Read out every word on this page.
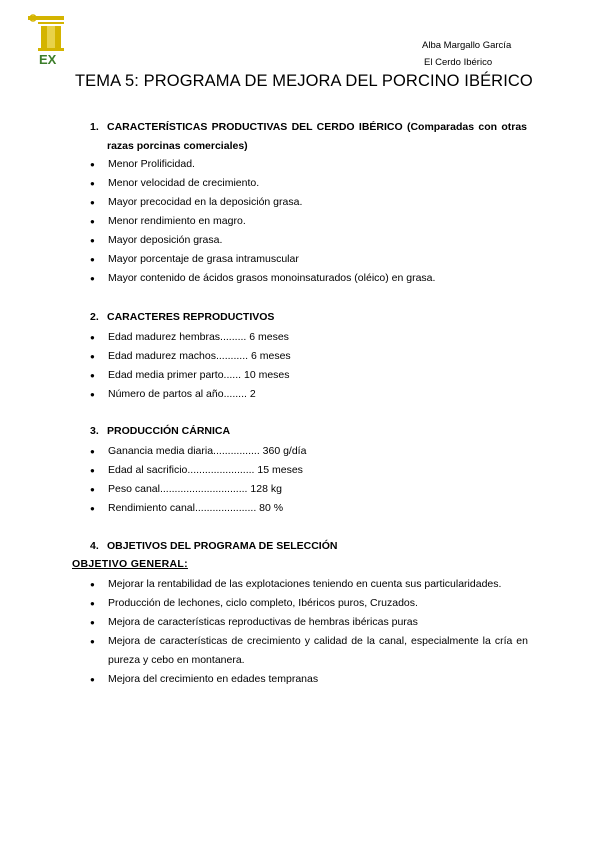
EX
Alba Margallo García
El Cerdo Ibérico
TEMA 5: PROGRAMA DE MEJORA DEL PORCINO IBÉRICO
1. CARACTERÍSTICAS PRODUCTIVAS DEL CERDO IBÉRICO (Comparadas con otras razas porcinas comerciales)
● Menor Prolificidad.
● Menor velocidad de crecimiento.
● Mayor precocidad en la deposición grasa.
● Menor rendimiento en magro.
● Mayor deposición grasa.
● Mayor porcentaje de grasa intramuscular
● Mayor contenido de ácidos grasos monoinsaturados (oléico) en grasa.
2. CARACTERES REPRODUCTIVOS
● Edad madurez hembras......... 6 meses
● Edad madurez machos........... 6 meses
● Edad media primer parto...... 10 meses
● Número de partos al año........ 2
3. PRODUCCIÓN CÁRNICA
● Ganancia media diaria................ 360 g/día
● Edad al sacrificio....................... 15 meses
● Peso canal.............................. 128 kg
● Rendimiento canal..................... 80 %
4. OBJETIVOS DEL PROGRAMA DE SELECCIÓN
OBJETIVO GENERAL:
● Mejorar la rentabilidad de las explotaciones teniendo en cuenta sus particularidades.
● Producción de lechones, ciclo completo, Ibéricos puros, Cruzados.
● Mejora de características reproductivas de hembras ibéricas puras
● Mejora de características de crecimiento y calidad de la canal, especialmente la cría en pureza y cebo en montanera.
● Mejora del crecimiento en edades tempranas
